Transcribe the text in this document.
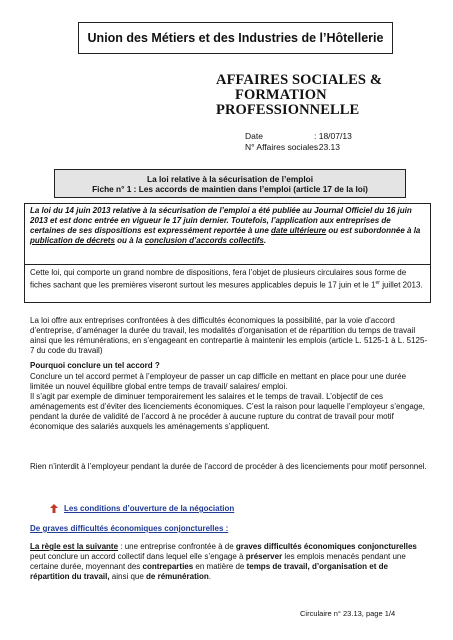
Union des Métiers et des Industries de l’Hôtellerie
AFFAIRES SOCIALES &
FORMATION
PROFESSIONNELLE
Date	: 18/07/13
N° Affaires sociales: 23.13
La loi relative à la sécurisation de l’emploi
Fiche n° 1 : Les accords de maintien dans l’emploi (article 17 de la loi)

La loi du 14 juin 2013 relative à la sécurisation de l’emploi a été publiée au Journal Officiel du 16 juin 2013 et est donc entrée en vigueur le 17 juin dernier. Toutefois, l’application aux entreprises de certaines de ses dispositions est expressément reportée à une date ultérieure ou est subordonnée à la publication de décrets ou à la conclusion d’accords collectifs.

Cette loi, qui comporte un grand nombre de dispositions, fera l’objet de plusieurs circulaires sous forme de fiches sachant que les premières viseront surtout les mesures applicables depuis le 17 juin et le 1er juillet 2013.

La loi offre aux entreprises confrontées à des difficultés économiques la possibilité, par la voie d’accord d’entreprise, d’aménager la durée du travail, les modalités d’organisation et de répartition du temps de travail ainsi que les rémunérations, en s’engageant en contrepartie à maintenir les emplois (article L. 5125-1 à L. 5125-7 du code du travail)

Pourquoi conclure un tel accord ?

Conclure un tel accord permet à l’employeur de passer un cap difficile en mettant en place pour une durée limitée un nouvel équilibre global entre temps de travail/ salaires/ emploi.

Il s’agit par exemple de diminuer temporairement les salaires et le temps de travail. L’objectif de ces aménagements est d’éviter des licenciements économiques. C’est la raison pour laquelle l’employeur s’engage, pendant la durée de validité de l’accord à ne procéder à aucune rupture du contrat de travail pour motif économique des salariés auxquels les aménagements s’appliquent.

Rien n’interdit à l’employeur pendant la durée de l’accord de procéder à des licenciements pour motif personnel.

Les conditions d’ouverture de la négociation
De graves difficultés économiques conjoncturelles :

La règle est la suivante : une entreprise confrontée à de graves difficultés économiques conjoncturelles peut conclure un accord collectif dans lequel elle s’engage à préserver les emplois menacés pendant une certaine durée, moyennant des contreparties en matière de temps de travail, d’organisation et de répartition du travail, ainsi que de rémunération.

Circulaire n° 23.13, page 1/4
